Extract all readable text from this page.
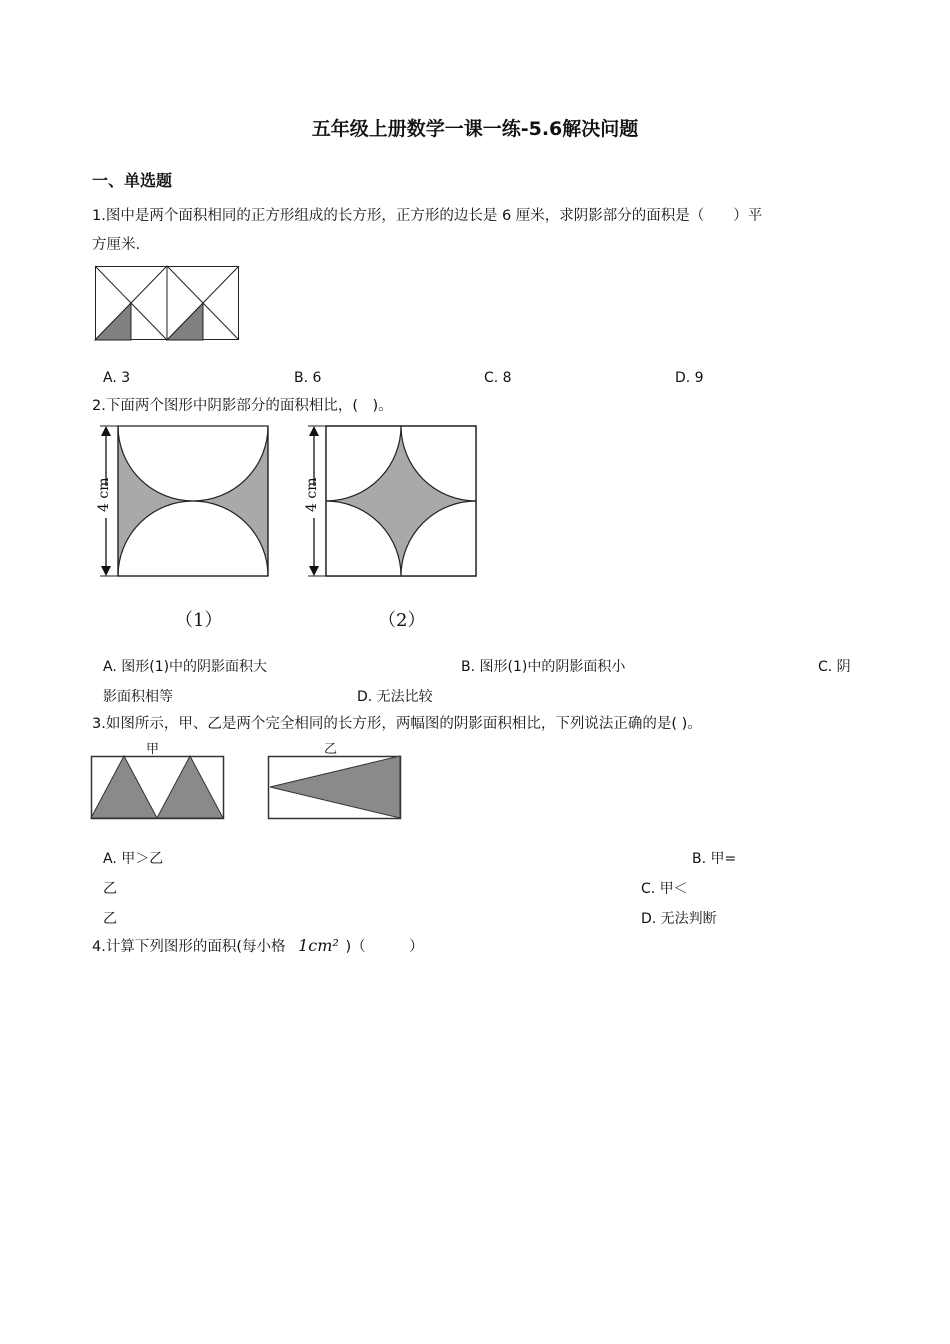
五年级上册数学一课一练-5.6解决问题
一、单选题
1.图中是两个面积相同的正方形组成的长方形，正方形的边长是 6 厘米，求阴影部分的面积是（　　）平
方厘米.
A. 3	B. 6	C. 8	D. 9
2.下面两个图形中阴影部分的面积相比，(　)。
4 cm
（1）
4 cm
（2）
A. 图形(1)中的阴影面积大	B. 图形(1)中的阴影面积小	C. 阴
影面积相等	D. 无法比较
3.如图所示，甲、乙是两个完全相同的长方形，两幅图的阴影面积相比，下列说法正确的是( )。
甲	乙
A. 甲＞乙	B. 甲=
乙	C. 甲＜
乙	D. 无法判断
4.计算下列图形的面积(每小格 1cm² )（　　　）
